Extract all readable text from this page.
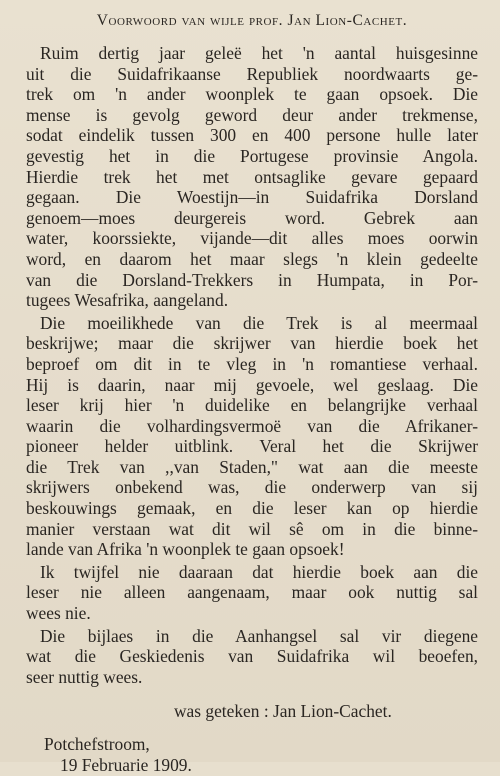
Voorwoord van wijle prof. Jan Lion-Cachet.
Ruim dertig jaar geleë het 'n aantal huisgesinne
uit die Suidafrikaanse Republiek noordwaarts ge-
trek om 'n ander woonplek te gaan opsoek. Die
mense is gevolg geword deur ander trekmense,
sodat eindelik tussen 300 en 400 persone hulle later
gevestig het in die Portugese provinsie Angola.
Hierdie trek het met ontsaglike gevare gepaard
gegaan. Die Woestijn—in Suidafrika Dorsland
genoem—moes deurgereis word. Gebrek aan
water, koorssiekte, vijande—dit alles moes oorwin
word, en daarom het maar slegs 'n klein gedeelte
van die Dorsland-Trekkers in Humpata, in Por-
tugees Wesafrika, aangeland.
Die moeilikhede van die Trek is al meermaal
beskrijwe; maar die skrijwer van hierdie boek het
beproef om dit in te vleg in 'n romantiese verhaal.
Hij is daarin, naar mij gevoele, wel geslaag. Die
leser krij hier 'n duidelike en belangrijke verhaal
waarin die volhardingsvermoë van die Afrikaner-
pioneer helder uitblink. Veral het die Skrijwer
die Trek van ,,van Staden," wat aan die meeste
skrijwers onbekend was, die onderwerp van sij
beskouwings gemaak, en die leser kan op hierdie
manier verstaan wat dit wil sê om in die binne-
lande van Afrika 'n woonplek te gaan opsoek!
Ik twijfel nie daaraan dat hierdie boek aan die
leser nie alleen aangenaam, maar ook nuttig sal
wees nie.
Die bijlaes in die Aanhangsel sal vir diegene
wat die Geskiedenis van Suidafrika wil beoefen,
seer nuttig wees.
was geteken : Jan Lion-Cachet.
Potchefstroom,
19 Februarie 1909.
